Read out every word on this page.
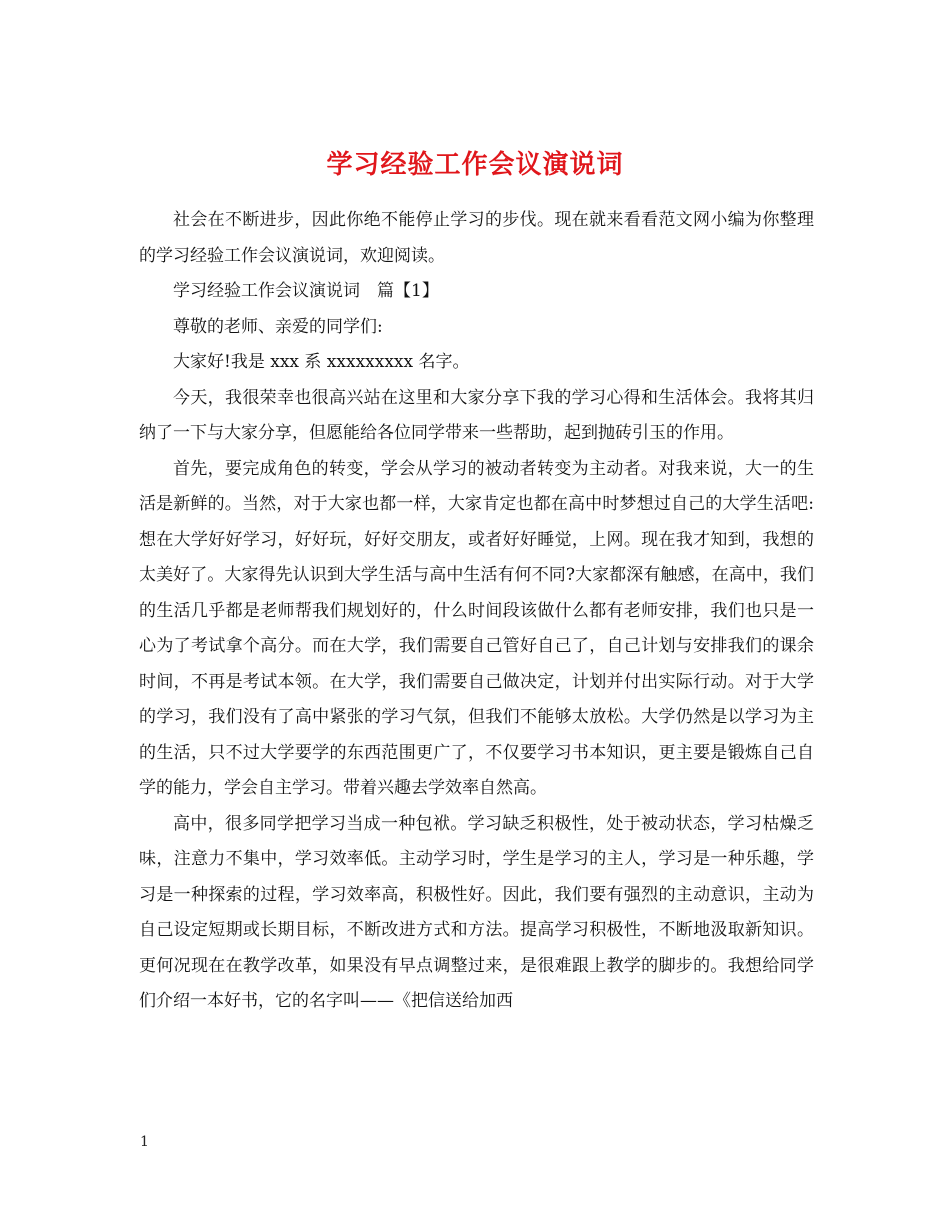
学习经验工作会议演说词

社会在不断进步，因此你绝不能停止学习的步伐。现在就来看看范文网小编为你整理的学习经验工作会议演说词，欢迎阅读。

学习经验工作会议演说词　篇【1】

尊敬的老师、亲爱的同学们:

大家好!我是 xxx 系 xxxxxxxxx 名字。

今天，我很荣幸也很高兴站在这里和大家分享下我的学习心得和生活体会。我将其归纳了一下与大家分享，但愿能给各位同学带来一些帮助，起到抛砖引玉的作用。

首先，要完成角色的转变，学会从学习的被动者转变为主动者。对我来说，大一的生活是新鲜的。当然，对于大家也都一样，大家肯定也都在高中时梦想过自己的大学生活吧:想在大学好好学习，好好玩，好好交朋友，或者好好睡觉，上网。现在我才知到，我想的太美好了。大家得先认识到大学生活与高中生活有何不同?大家都深有触感，在高中，我们的生活几乎都是老师帮我们规划好的，什么时间段该做什么都有老师安排，我们也只是一心为了考试拿个高分。而在大学，我们需要自己管好自己了，自己计划与安排我们的课余时间，不再是考试本领。在大学，我们需要自己做决定，计划并付出实际行动。对于大学的学习，我们没有了高中紧张的学习气氛，但我们不能够太放松。大学仍然是以学习为主的生活，只不过大学要学的东西范围更广了，不仅要学习书本知识，更主要是锻炼自己自学的能力，学会自主学习。带着兴趣去学效率自然高。

高中，很多同学把学习当成一种包袱。学习缺乏积极性，处于被动状态，学习枯燥乏味，注意力不集中，学习效率低。主动学习时，学生是学习的主人，学习是一种乐趣，学习是一种探索的过程，学习效率高，积极性好。因此，我们要有强烈的主动意识，主动为自己设定短期或长期目标，不断改进方式和方法。提高学习积极性，不断地汲取新知识。更何况现在在教学改革，如果没有早点调整过来，是很难跟上教学的脚步的。我想给同学们介绍一本好书，它的名字叫——《把信送给加西

1
